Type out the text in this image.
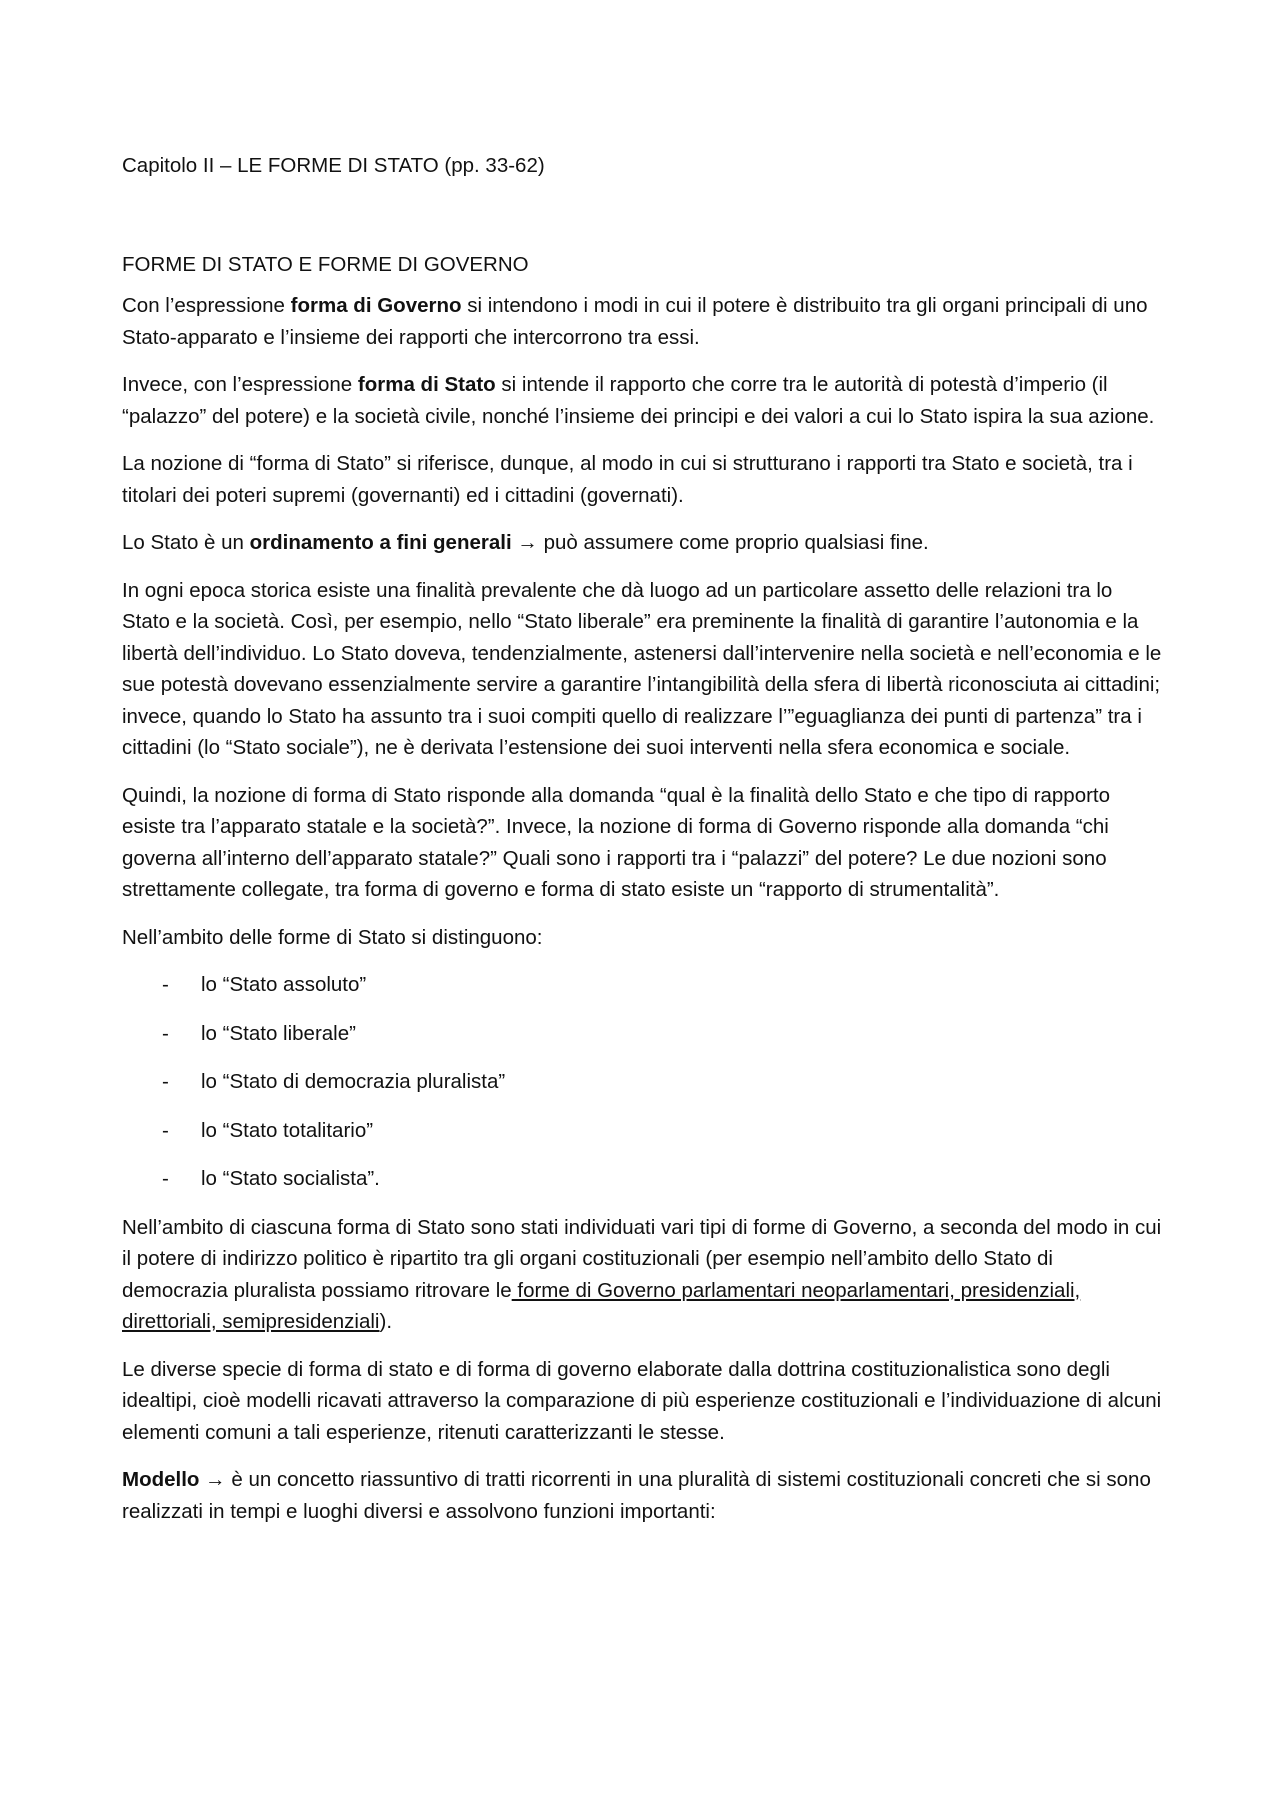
Capitolo II – LE FORME DI STATO (pp. 33-62)

FORME DI STATO E FORME DI GOVERNO

Con l’espressione forma di Governo si intendono i modi in cui il potere è distribuito tra gli organi principali di uno Stato-apparato e l’insieme dei rapporti che intercorrono tra essi.

Invece, con l’espressione forma di Stato si intende il rapporto che corre tra le autorità di potestà d’imperio (il “palazzo” del potere) e la società civile, nonché l’insieme dei principi e dei valori a cui lo Stato ispira la sua azione.

La nozione di “forma di Stato” si riferisce, dunque, al modo in cui si strutturano i rapporti tra Stato e società, tra i titolari dei poteri supremi (governanti) ed i cittadini (governati).

Lo Stato è un ordinamento a fini generali → può assumere come proprio qualsiasi fine.

In ogni epoca storica esiste una finalità prevalente che dà luogo ad un particolare assetto delle relazioni tra lo Stato e la società. Così, per esempio, nello “Stato liberale” era preminente la finalità di garantire l’autonomia e la libertà dell’individuo. Lo Stato doveva, tendenzialmente, astenersi dall’intervenire nella società e nell’economia e le sue potestà dovevano essenzialmente servire a garantire l’intangibilità della sfera di libertà riconosciuta ai cittadini; invece, quando lo Stato ha assunto tra i suoi compiti quello di realizzare l’”eguaglianza dei punti di partenza” tra i cittadini (lo “Stato sociale”), ne è derivata l’estensione dei suoi interventi nella sfera economica e sociale.

Quindi, la nozione di forma di Stato risponde alla domanda “qual è la finalità dello Stato e che tipo di rapporto esiste tra l’apparato statale e la società?”. Invece, la nozione di forma di Governo risponde alla domanda “chi governa all’interno dell’apparato statale?” Quali sono i rapporti tra i “palazzi” del potere? Le due nozioni sono strettamente collegate, tra forma di governo e forma di stato esiste un “rapporto di strumentalità”.

Nell’ambito delle forme di Stato si distinguono:

- lo “Stato assoluto”
- lo “Stato liberale”
- lo “Stato di democrazia pluralista”
- lo “Stato totalitario”
- lo “Stato socialista”.

Nell’ambito di ciascuna forma di Stato sono stati individuati vari tipi di forme di Governo, a seconda del modo in cui il potere di indirizzo politico è ripartito tra gli organi costituzionali (per esempio nell’ambito dello Stato di democrazia pluralista possiamo ritrovare le forme di Governo parlamentari neoparlamentari, presidenziali, direttoriali, semipresidenziali).

Le diverse specie di forma di stato e di forma di governo elaborate dalla dottrina costituzionalistica sono degli idealtipi, cioè modelli ricavati attraverso la comparazione di più esperienze costituzionali e l’individuazione di alcuni elementi comuni a tali esperienze, ritenuti caratterizzanti le stesse.

Modello → è un concetto riassuntivo di tratti ricorrenti in una pluralità di sistemi costituzionali concreti che si sono realizzati in tempi e luoghi diversi e assolvono funzioni importanti:
